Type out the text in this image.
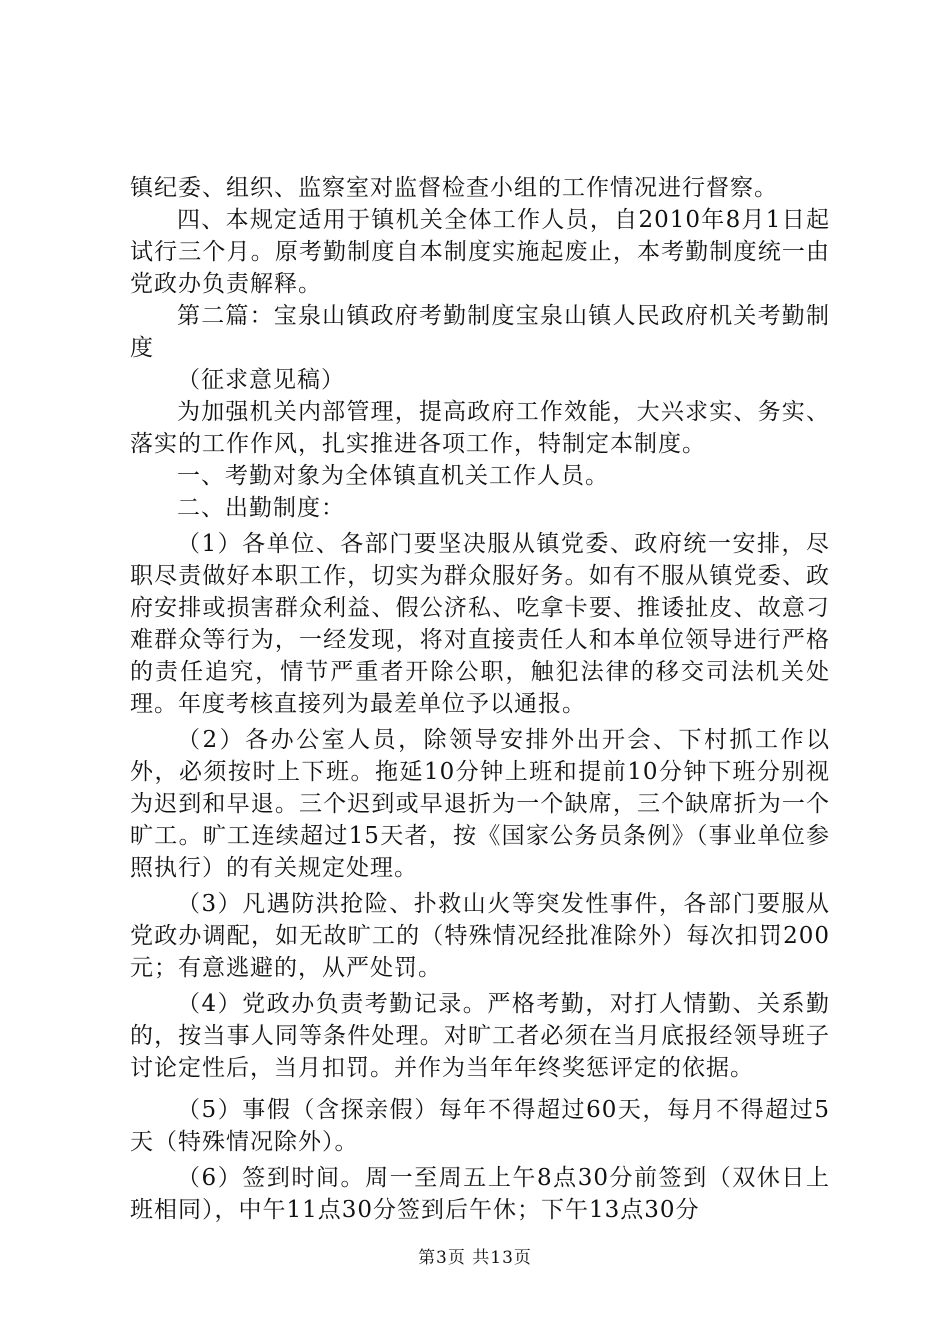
镇纪委、组织、监察室对监督检查小组的工作情况进行督察。

四、本规定适用于镇机关全体工作人员，自2010年8月1日起试行三个月。原考勤制度自本制度实施起废止，本考勤制度统一由党政办负责解释。

第二篇：宝泉山镇政府考勤制度宝泉山镇人民政府机关考勤制度

（征求意见稿）

为加强机关内部管理，提高政府工作效能，大兴求实、务实、落实的工作作风，扎实推进各项工作，特制定本制度。

一、考勤对象为全体镇直机关工作人员。

二、出勤制度：

（1）各单位、各部门要坚决服从镇党委、政府统一安排，尽职尽责做好本职工作，切实为群众服好务。如有不服从镇党委、政府安排或损害群众利益、假公济私、吃拿卡要、推诿扯皮、故意刁难群众等行为，一经发现，将对直接责任人和本单位领导进行严格的责任追究，情节严重者开除公职，触犯法律的移交司法机关处理。年度考核直接列为最差单位予以通报。

（2）各办公室人员，除领导安排外出开会、下村抓工作以外，必须按时上下班。拖延10分钟上班和提前10分钟下班分别视为迟到和早退。三个迟到或早退折为一个缺席，三个缺席折为一个旷工。旷工连续超过15天者，按《国家公务员条例》（事业单位参照执行）的有关规定处理。

（3）凡遇防洪抢险、扑救山火等突发性事件，各部门要服从党政办调配，如无故旷工的（特殊情况经批准除外）每次扣罚200元；有意逃避的，从严处罚。

（4）党政办负责考勤记录。严格考勤，对打人情勤、关系勤的，按当事人同等条件处理。对旷工者必须在当月底报经领导班子讨论定性后，当月扣罚。并作为当年年终奖惩评定的依据。

（5）事假（含探亲假）每年不得超过60天，每月不得超过5天（特殊情况除外）。

（6）签到时间。周一至周五上午8点30分前签到（双休日上班相同），中午11点30分签到后午休；下午13点30分

第3页 共13页
